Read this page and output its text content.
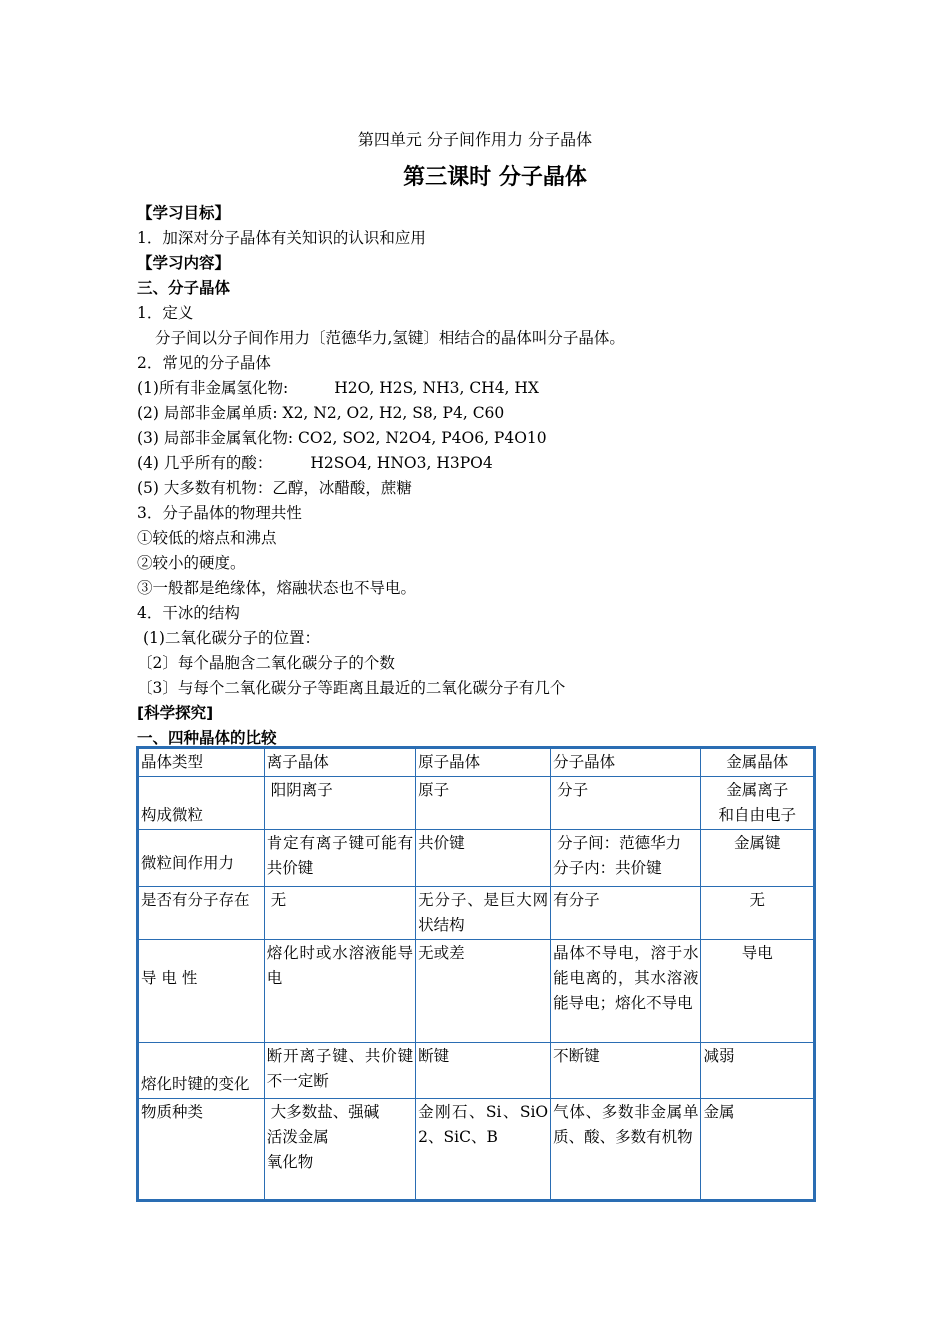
第四单元 分子间作用力 分子晶体
第三课时 分子晶体
【学习目标】
1．加深对分子晶体有关知识的认识和应用
【学习内容】
三、分子晶体
1．定义
分子间以分子间作用力〔范德华力,氢键〕相结合的晶体叫分子晶体。
2．常见的分子晶体
(1)所有非金属氢化物:	H2O, H2S, NH3, CH4, HX
(2) 局部非金属单质: X2, N2, O2, H2, S8, P4, C60
(3) 局部非金属氧化物: CO2, SO2, N2O4, P4O6, P4O10
(4) 几乎所有的酸： H2SO4, HNO3, H3PO4
(5) 大多数有机物：乙醇，冰醋酸，蔗糖
3．分子晶体的物理共性
①较低的熔点和沸点
②较小的硬度。
③一般都是绝缘体，熔融状态也不导电。
4．干冰的结构
(1)二氧化碳分子的位置：
〔2〕每个晶胞含二氧化碳分子的个数
〔3〕与每个二氧化碳分子等距离且最近的二氧化碳分子有几个
[科学探究]
一、四种晶体的比较
晶体类型	离子晶体	原子晶体	分子晶体	金属晶体
构成微粒	阳阴离子	原子	分子	金属离子
和自由电子

微粒间作用力	肯定有离子键可能有共价键	共价键	分子间：范德华力
分子内：共价键	金属键
是否有分子存在	无	无分子、是巨大网状结构	有分子	无

导 电 性	熔化时或水溶液能导电	无或差	晶体不导电，溶于水能电离的，其水溶液能导电；熔化不导电	导电
熔化时键的变化	断开离子键、共价键不一定断	断键	不断键	减弱
物质种类	大多数盐、强碱
活泼金属
氧化物	金刚石、Si、SiO2、SiC、B	气体、多数非金属单质、酸、多数有机物	金属
